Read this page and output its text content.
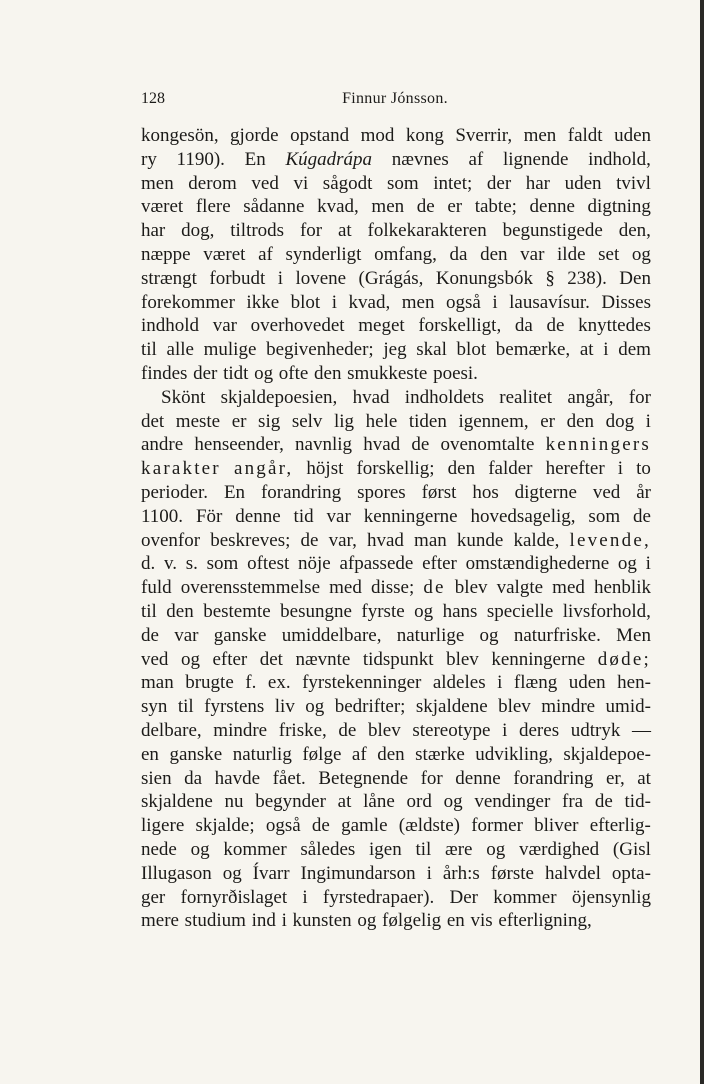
128	Finnur Jónsson.
kongesön, gjorde opstand mod kong Sverrir, men faldt uden
ry 1190). En Kúgadrápa nævnes af lignende indhold,
men derom ved vi sågodt som intet; der har uden tvivl
været flere sådanne kvad, men de er tabte; denne digtning
har dog, tiltrods for at folkekarakteren begunstigede den,
næppe været af synderligt omfang, da den var ilde set og
strængt forbudt i lovene (Grágás, Konungsbók § 238). Den
forekommer ikke blot i kvad, men også i lausavísur. Disses
indhold var overhovedet meget forskelligt, da de knyttedes
til alle mulige begivenheder; jeg skal blot bemærke, at i dem
findes der tidt og ofte den smukkeste poesi.
Skönt skjaldepoesien, hvad indholdets realitet angår, for
det meste er sig selv lig hele tiden igennem, er den dog i
andre henseender, navnlig hvad de ovenomtalte kenningers
karakter angår, höjst forskellig; den falder herefter i to
perioder. En forandring spores først hos digterne ved år
1100. För denne tid var kenningerne hovedsagelig, som de
ovenfor beskreves; de var, hvad man kunde kalde, levende,
d. v. s. som oftest nöje afpassede efter omstændighederne og i
fuld overensstemmelse med disse; de blev valgte med henblik
til den bestemte besungne fyrste og hans specielle livsforhold,
de var ganske umiddelbare, naturlige og naturfriske. Men
ved og efter det nævnte tidspunkt blev kenningerne døde;
man brugte f. ex. fyrstekenninger aldeles i flæng uden hen-
syn til fyrstens liv og bedrifter; skjaldene blev mindre umid-
delbare, mindre friske, de blev stereotype i deres udtryk —
en ganske naturlig følge af den stærke udvikling, skjaldepoe-
sien da havde fået. Betegnende for denne forandring er, at
skjaldene nu begynder at låne ord og vendinger fra de tid-
ligere skjalde; også de gamle (ældste) former bliver efterlig-
nede og kommer således igen til ære og værdighed (Gisl
Illugason og Ívarr Ingimundarson i årh:s første halvdel opta-
ger fornyrðislaget i fyrstedrapaer). Der kommer öjensynlig
mere studium ind i kunsten og følgelig en vis efterligning,
